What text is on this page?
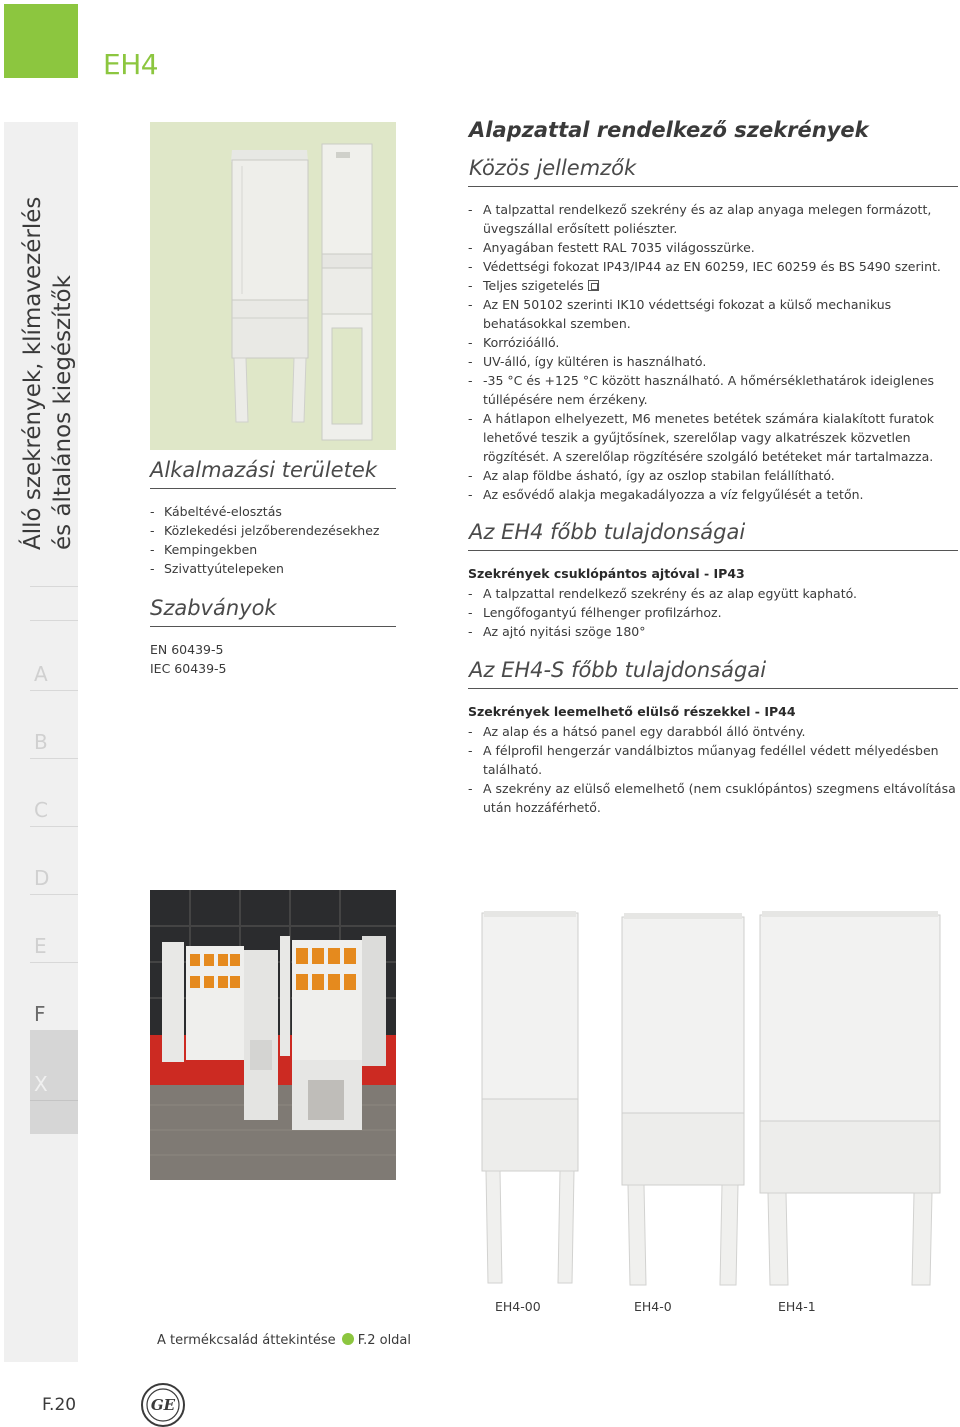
EH4
Álló szekrények, klímavezérlés és általános kiegészítők
A
B
C
D
E
F
X
Alkalmazási területek
- Kábeltévé-elosztás
- Közlekedési jelzőberendezésekhez
- Kempingekben
- Szivattyútelepeken
Szabványok
EN 60439-5
IEC 60439-5
Alapzattal rendelkező szekrények
Közös jellemzők
- A talpzattal rendelkező szekrény és az alap anyaga melegen formázott, üvegszállal erősített poliészter.
- Anyagában festett RAL 7035 világosszürke.
- Védettségi fokozat IP43/IP44 az EN 60259, IEC 60259 és BS 5490 szerint.
- Teljes szigetelés
- Az EN 50102 szerinti IK10 védettségi fokozat a külső mechanikus behatásokkal szemben.
- Korrózióálló.
- UV-álló, így kültéren is használható.
- -35 °C és +125 °C között használható. A hőmérséklethatárok ideiglenes túllépésére nem érzékeny.
- A hátlapon elhelyezett, M6 menetes betétek számára kialakított furatok lehetővé teszik a gyűjtősínek, szerelőlap vagy alkatrészek közvetlen rögzítését. A szerelőlap rögzítésére szolgáló betéteket már tartalmazza.
- Az alap földbe ásható, így az oszlop stabilan felállítható.
- Az esővédő alakja megakadályozza a víz felgyűlését a tetőn.
Az EH4 főbb tulajdonságai
Szekrények csuklópántos ajtóval - IP43
- A talpzattal rendelkező szekrény és az alap együtt kapható.
- Lengőfogantyú félhenger profilzárhoz.
- Az ajtó nyitási szöge 180°
Az EH4-S főbb tulajdonságai
Szekrények leemelhető elülső részekkel - IP44
- Az alap és a hátsó panel egy darabból álló öntvény.
- A félprofil hengerzár vandálbiztos műanyag fedéllel védett mélyedésben található.
- A szekrény az elülső elemelhető (nem csuklópántos) szegmens eltávolítása után hozzáférhető.
EH4-00	EH4-0	EH4-1
A termékcsalád áttekintése F.2 oldal
F.20	GE
